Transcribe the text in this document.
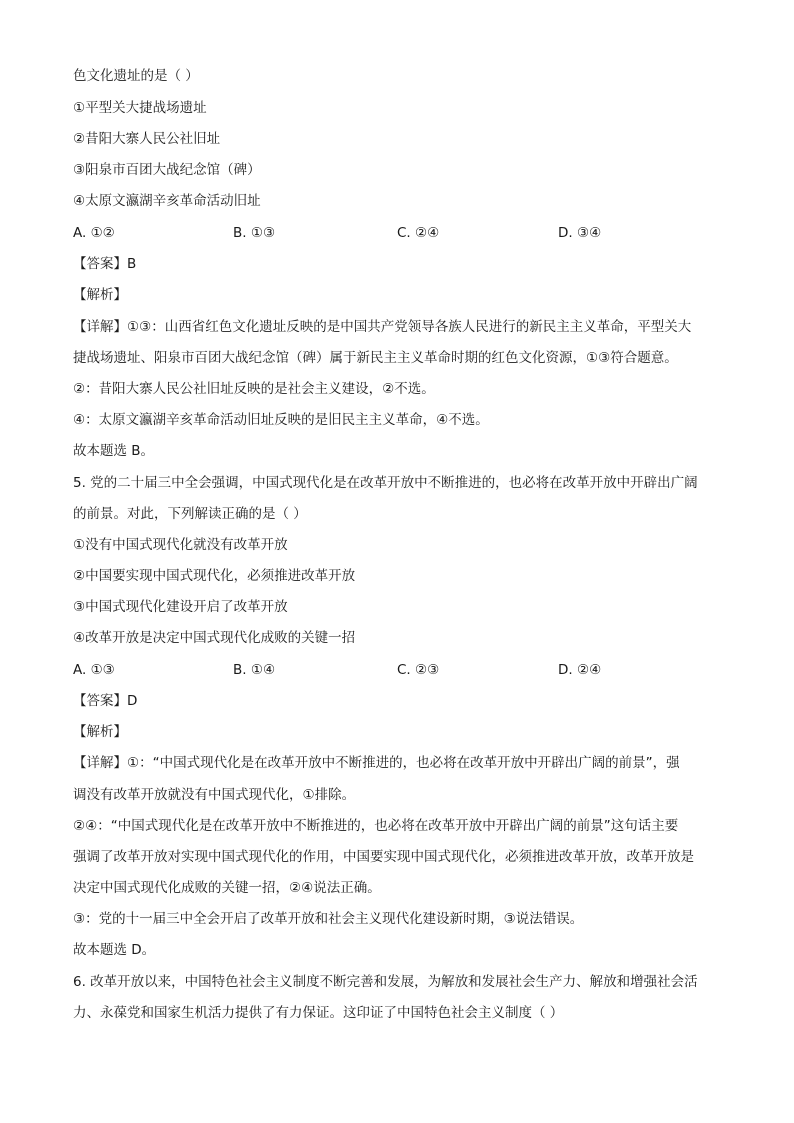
色文化遗址的是（ ）
①平型关大捷战场遗址
②昔阳大寨人民公社旧址
③阳泉市百团大战纪念馆（碑）
④太原文瀛湖辛亥革命活动旧址
A. ①②	B. ①③	C. ②④	D. ③④
【答案】B
【解析】
【详解】①③：山西省红色文化遗址反映的是中国共产党领导各族人民进行的新民主主义革命，平型关大
捷战场遗址、阳泉市百团大战纪念馆（碑）属于新民主主义革命时期的红色文化资源，①③符合题意。
②：昔阳大寨人民公社旧址反映的是社会主义建设，②不选。
④：太原文瀛湖辛亥革命活动旧址反映的是旧民主主义革命，④不选。
故本题选 B。
5. 党的二十届三中全会强调，中国式现代化是在改革开放中不断推进的，也必将在改革开放中开辟出广阔
的前景。对此，下列解读正确的是（ ）
①没有中国式现代化就没有改革开放
②中国要实现中国式现代化，必须推进改革开放
③中国式现代化建设开启了改革开放
④改革开放是决定中国式现代化成败的关键一招
A. ①③	B. ①④	C. ②③	D. ②④
【答案】D
【解析】
【详解】①：“中国式现代化是在改革开放中不断推进的，也必将在改革开放中开辟出广阔的前景”，强
调没有改革开放就没有中国式现代化，①排除。
②④：“中国式现代化是在改革开放中不断推进的，也必将在改革开放中开辟出广阔的前景”这句话主要
强调了改革开放对实现中国式现代化的作用，中国要实现中国式现代化，必须推进改革开放，改革开放是
决定中国式现代化成败的关键一招，②④说法正确。
③：党的十一届三中全会开启了改革开放和社会主义现代化建设新时期，③说法错误。
故本题选 D。
6. 改革开放以来，中国特色社会主义制度不断完善和发展，为解放和发展社会生产力、解放和增强社会活
力、永葆党和国家生机活力提供了有力保证。这印证了中国特色社会主义制度（ ）
